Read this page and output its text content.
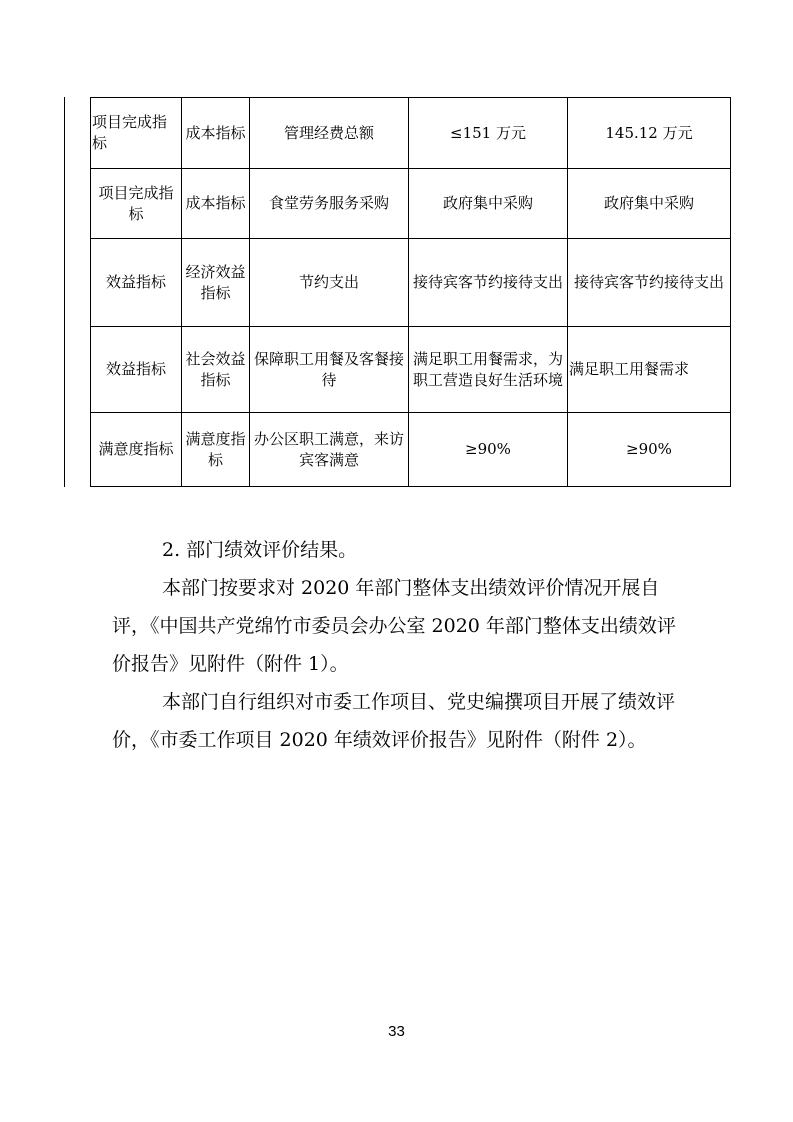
项目完成指标	成本指标	管理经费总额	≤151 万元	145.12 万元
项目完成指标	成本指标	食堂劳务服务采购	政府集中采购	政府集中采购
效益指标	经济效益指标	节约支出	接待宾客节约接待支出	接待宾客节约接待支出
效益指标	社会效益指标	保障职工用餐及客餐接待	满足职工用餐需求，为职工营造良好生活环境	满足职工用餐需求
满意度指标	满意度指标	办公区职工满意，来访宾客满意	≥90%	≥90%

2. 部门绩效评价结果。

本部门按要求对 2020 年部门整体支出绩效评价情况开展自评，《中国共产党绵竹市委员会办公室 2020 年部门整体支出绩效评价报告》见附件（附件 1）。

本部门自行组织对市委工作项目、党史编撰项目开展了绩效评价，《市委工作项目 2020 年绩效评价报告》见附件（附件 2）。

33
